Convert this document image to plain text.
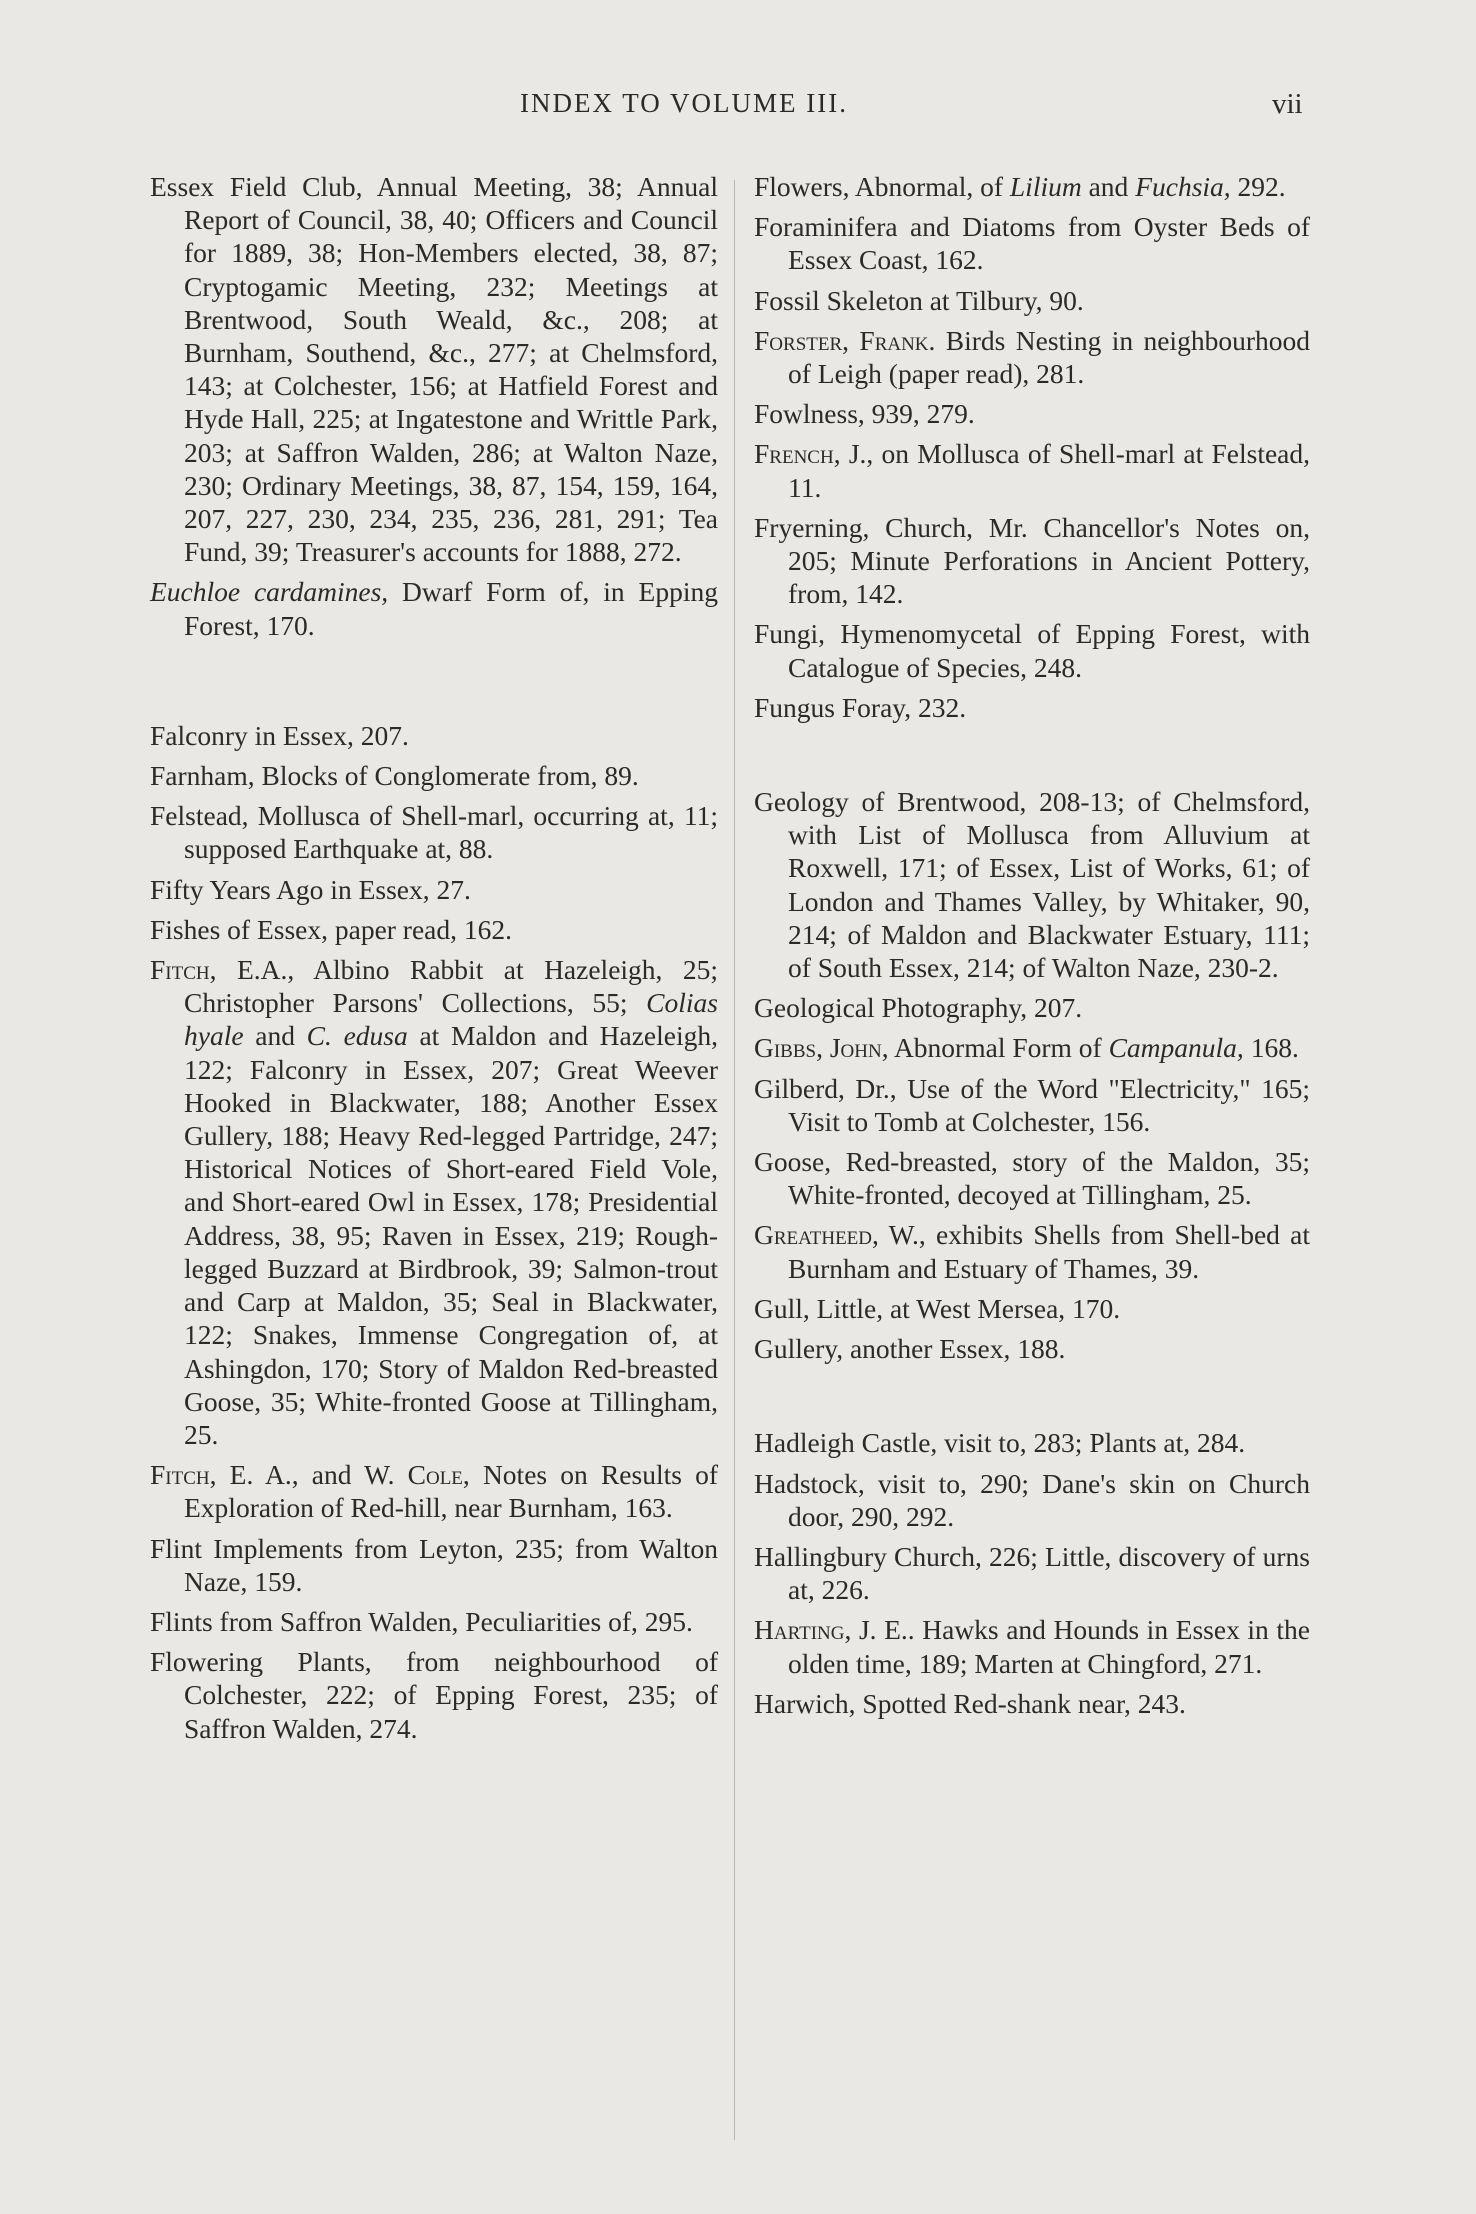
INDEX TO VOLUME III.	vii

Essex Field Club, Annual Meeting, 38; Annual Report of Council, 38, 40; Officers and Council for 1889, 38; Hon-Members elected, 38, 87; Cryptogamic Meeting, 232; Meetings at Brentwood, South Weald, &c., 208; at Burnham, Southend, &c., 277; at Chelmsford, 143; at Colchester, 156; at Hatfield Forest and Hyde Hall, 225; at Ingatestone and Writtle Park, 203; at Saffron Walden, 286; at Walton Naze, 230; Ordinary Meetings, 38, 87, 154, 159, 164, 207, 227, 230, 234, 235, 236, 281, 291; Tea Fund, 39; Treasurer's accounts for 1888, 272.

Euchloe cardamines, Dwarf Form of, in Epping Forest, 170.

Falconry in Essex, 207.

Farnham, Blocks of Conglomerate from, 89.

Felstead, Mollusca of Shell-marl, occurring at, 11; supposed Earthquake at, 88.

Fifty Years Ago in Essex, 27.

Fishes of Essex, paper read, 162.

Fitch, E.A., Albino Rabbit at Hazeleigh, 25; Christopher Parsons' Collections, 55; Colias hyale and C. edusa at Maldon and Hazeleigh, 122; Falconry in Essex, 207; Great Weever Hooked in Blackwater, 188; Another Essex Gullery, 188; Heavy Red-legged Partridge, 247; Historical Notices of Short-eared Field Vole, and Short-eared Owl in Essex, 178; Presidential Address, 38, 95; Raven in Essex, 219; Rough-legged Buzzard at Birdbrook, 39; Salmon-trout and Carp at Maldon, 35; Seal in Blackwater, 122; Snakes, Immense Congregation of, at Ashingdon, 170; Story of Maldon Red-breasted Goose, 35; White-fronted Goose at Tillingham, 25.

Fitch, E. A., and W. Cole, Notes on Results of Exploration of Red-hill, near Burnham, 163.

Flint Implements from Leyton, 235; from Walton Naze, 159.

Flints from Saffron Walden, Peculiarities of, 295.

Flowering Plants, from neighbourhood of Colchester, 222; of Epping Forest, 235; of Saffron Walden, 274.

Flowers, Abnormal, of Lilium and Fuchsia, 292.

Foraminifera and Diatoms from Oyster Beds of Essex Coast, 162.

Fossil Skeleton at Tilbury, 90.

Forster, Frank. Birds Nesting in neighbourhood of Leigh (paper read), 281.

Fowlness, 939, 279.

French, J., on Mollusca of Shell-marl at Felstead, 11.

Fryerning, Church, Mr. Chancellor's Notes on, 205; Minute Perforations in Ancient Pottery, from, 142.

Fungi, Hymenomycetal of Epping Forest, with Catalogue of Species, 248.

Fungus Foray, 232.

Geology of Brentwood, 208-13; of Chelmsford, with List of Mollusca from Alluvium at Roxwell, 171; of Essex, List of Works, 61; of London and Thames Valley, by Whitaker, 90, 214; of Maldon and Blackwater Estuary, 111; of South Essex, 214; of Walton Naze, 230-2.

Geological Photography, 207.

Gibbs, John, Abnormal Form of Campanula, 168.

Gilberd, Dr., Use of the Word "Electricity," 165; Visit to Tomb at Colchester, 156.

Goose, Red-breasted, story of the Maldon, 35; White-fronted, decoyed at Tillingham, 25.

Greatheed, W., exhibits Shells from Shell-bed at Burnham and Estuary of Thames, 39.

Gull, Little, at West Mersea, 170.

Gullery, another Essex, 188.

Hadleigh Castle, visit to, 283; Plants at, 284.

Hadstock, visit to, 290; Dane's skin on Church door, 290, 292.

Hallingbury Church, 226; Little, discovery of urns at, 226.

Harting, J. E.. Hawks and Hounds in Essex in the olden time, 189; Marten at Chingford, 271.

Harwich, Spotted Red-shank near, 243.
